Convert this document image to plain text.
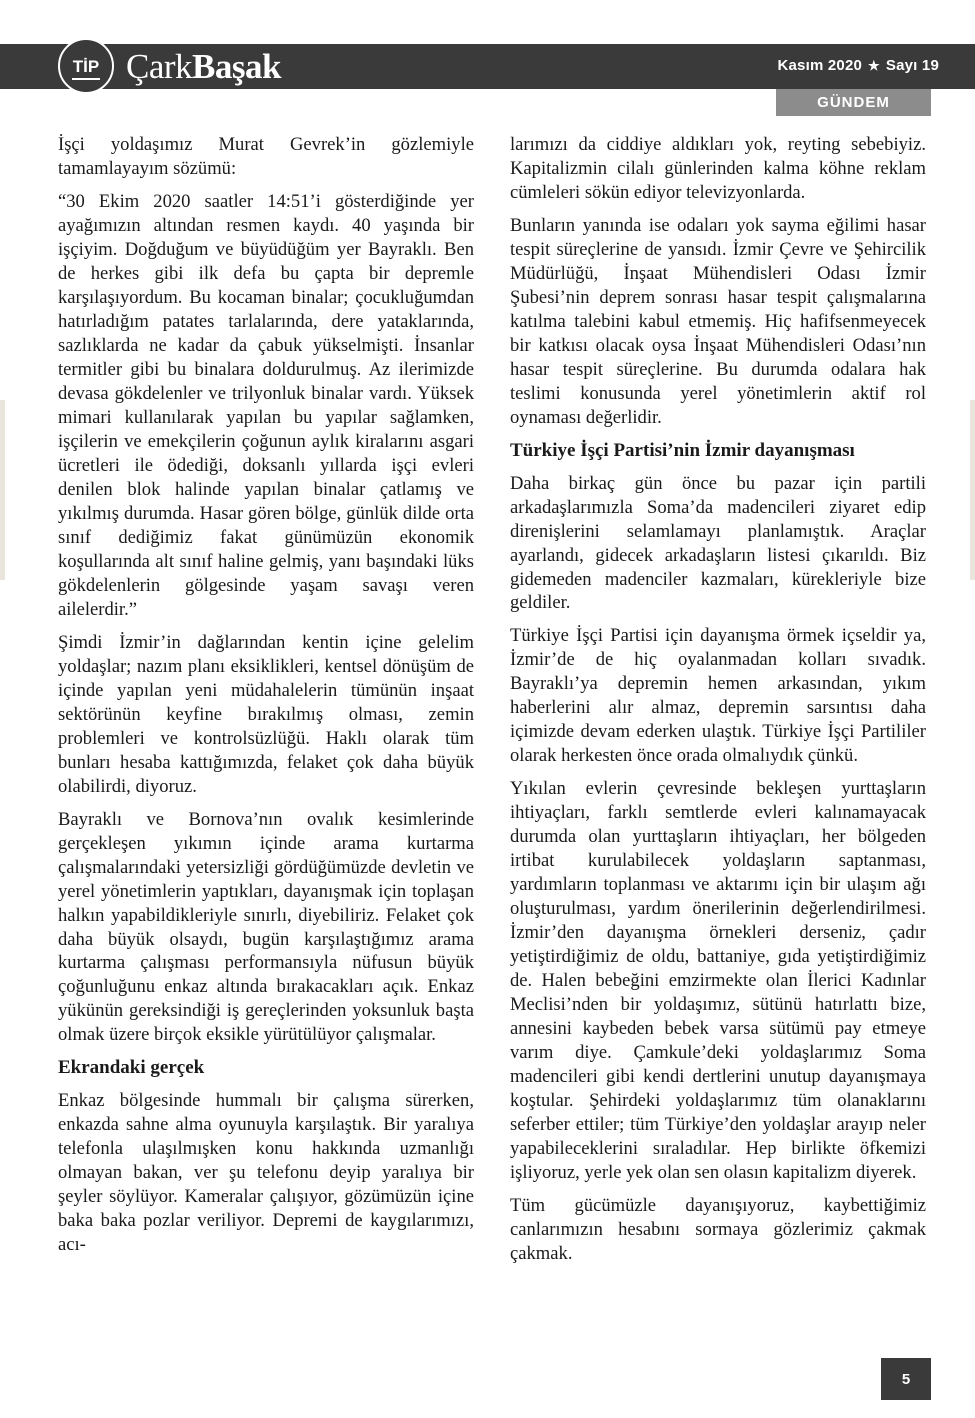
TİP ÇarkBaşak	Kasım 2020 ★ Sayı 19
GÜNDEM

İşçi yoldaşımız Murat Gevrek’in gözlemiyle tamamlayayım sözümü:

“30 Ekim 2020 saatler 14:51’i gösterdiğinde yer ayağımızın altından resmen kaydı. 40 yaşında bir işçiyim. Doğduğum ve büyüdüğüm yer Bayraklı. Ben de herkes gibi ilk defa bu çapta bir depremle karşılaşıyordum. Bu kocaman binalar; çocukluğumdan hatırladığım patates tarlalarında, dere yataklarında, sazlıklarda ne kadar da çabuk yükselmişti. İnsanlar termitler gibi bu binalara doldurulmuş. Az ilerimizde devasa gökdelenler ve trilyonluk binalar vardı. Yüksek mimari kullanılarak yapılan bu yapılar sağlamken, işçilerin ve emekçilerin çoğunun aylık kiralarını asgari ücretleri ile ödediği, doksanlı yıllarda işçi evleri denilen blok halinde yapılan binalar çatlamış ve yıkılmış durumda. Hasar gören bölge, günlük dilde orta sınıf dediğimiz fakat günümüzün ekonomik koşullarında alt sınıf haline gelmiş, yanı başındaki lüks gökdelenlerin gölgesinde yaşam savaşı veren ailelerdir.”

Şimdi İzmir’in dağlarından kentin içine gelelim yoldaşlar; nazım planı eksiklikleri, kentsel dönüşüm de içinde yapılan yeni müdahalelerin tümünün inşaat sektörünün keyfine bırakılmış olması, zemin problemleri ve kontrolsüzlüğü. Haklı olarak tüm bunları hesaba kattığımızda, felaket çok daha büyük olabilirdi, diyoruz.

Bayraklı ve Bornova’nın ovalık kesimlerinde gerçekleşen yıkımın içinde arama kurtarma çalışmalarındaki yetersizliği gördüğümüzde devletin ve yerel yönetimlerin yaptıkları, dayanışmak için toplaşan halkın yapabildikleriyle sınırlı, diyebiliriz. Felaket çok daha büyük olsaydı, bugün karşılaştığımız arama kurtarma çalışması performansıyla nüfusun büyük çoğunluğunu enkaz altında bırakacakları açık. Enkaz yükünün gereksindiği iş gereçlerinden yoksunluk başta olmak üzere birçok eksikle yürütülüyor çalışmalar.

Ekrandaki gerçek

Enkaz bölgesinde hummalı bir çalışma sürerken, enkazda sahne alma oyunuyla karşılaştık. Bir yaralıya telefonla ulaşılmışken konu hakkında uzmanlığı olmayan bakan, ver şu telefonu deyip yaralıya bir şeyler söylüyor. Kameralar çalışıyor, gözümüzün içine baka baka pozlar veriliyor. Depremi de kaygılarımızı, acı-

larımızı da ciddiye aldıkları yok, reyting sebebiyiz. Kapitalizmin cilalı günlerinden kalma köhne reklam cümleleri sökün ediyor televizyonlarda.

Bunların yanında ise odaları yok sayma eğilimi hasar tespit süreçlerine de yansıdı. İzmir Çevre ve Şehircilik Müdürlüğü, İnşaat Mühendisleri Odası İzmir Şubesi’nin deprem sonrası hasar tespit çalışmalarına katılma talebini kabul etmemiş. Hiç hafifsenmeyecek bir katkısı olacak oysa İnşaat Mühendisleri Odası’nın hasar tespit süreçlerine. Bu durumda odalara hak teslimi konusunda yerel yönetimlerin aktif rol oynaması değerlidir.

Türkiye İşçi Partisi’nin İzmir dayanışması

Daha birkaç gün önce bu pazar için partili arkadaşlarımızla Soma’da madencileri ziyaret edip direnişlerini selamlamayı planlamıştık. Araçlar ayarlandı, gidecek arkadaşların listesi çıkarıldı. Biz gidemeden madenciler kazmaları, kürekleriyle bize geldiler.

Türkiye İşçi Partisi için dayanışma örmek içseldir ya, İzmir’de de hiç oyalanmadan kolları sıvadık. Bayraklı’ya depremin hemen arkasından, yıkım haberlerini alır almaz, depremin sarsıntısı daha içimizde devam ederken ulaştık. Türkiye İşçi Partililer olarak herkesten önce orada olmalıydık çünkü.

Yıkılan evlerin çevresinde bekleşen yurttaşların ihtiyaçları, farklı semtlerde evleri kalınamayacak durumda olan yurttaşların ihtiyaçları, her bölgeden irtibat kurulabilecek yoldaşların saptanması, yardımların toplanması ve aktarımı için bir ulaşım ağı oluşturulması, yardım önerilerinin değerlendirilmesi. İzmir’den dayanışma örnekleri derseniz, çadır yetiştirdiğimiz de oldu, battaniye, gıda yetiştirdiğimiz de. Halen bebeğini emzirmekte olan İlerici Kadınlar Meclisi’nden bir yoldaşımız, sütünü hatırlattı bize, annesini kaybeden bebek varsa sütümü pay etmeye varım diye. Çamkule’deki yoldaşlarımız Soma madencileri gibi kendi dertlerini unutup dayanışmaya koştular. Şehirdeki yoldaşlarımız tüm olanaklarını seferber ettiler; tüm Türkiye’den yoldaşlar arayıp neler yapabileceklerini sıraladılar. Hep birlikte öfkemizi işliyoruz, yerle yek olan sen olasın kapitalizm diyerek.

Tüm gücümüzle dayanışıyoruz, kaybettiğimiz canlarımızın hesabını sormaya gözlerimiz çakmak çakmak.

5
